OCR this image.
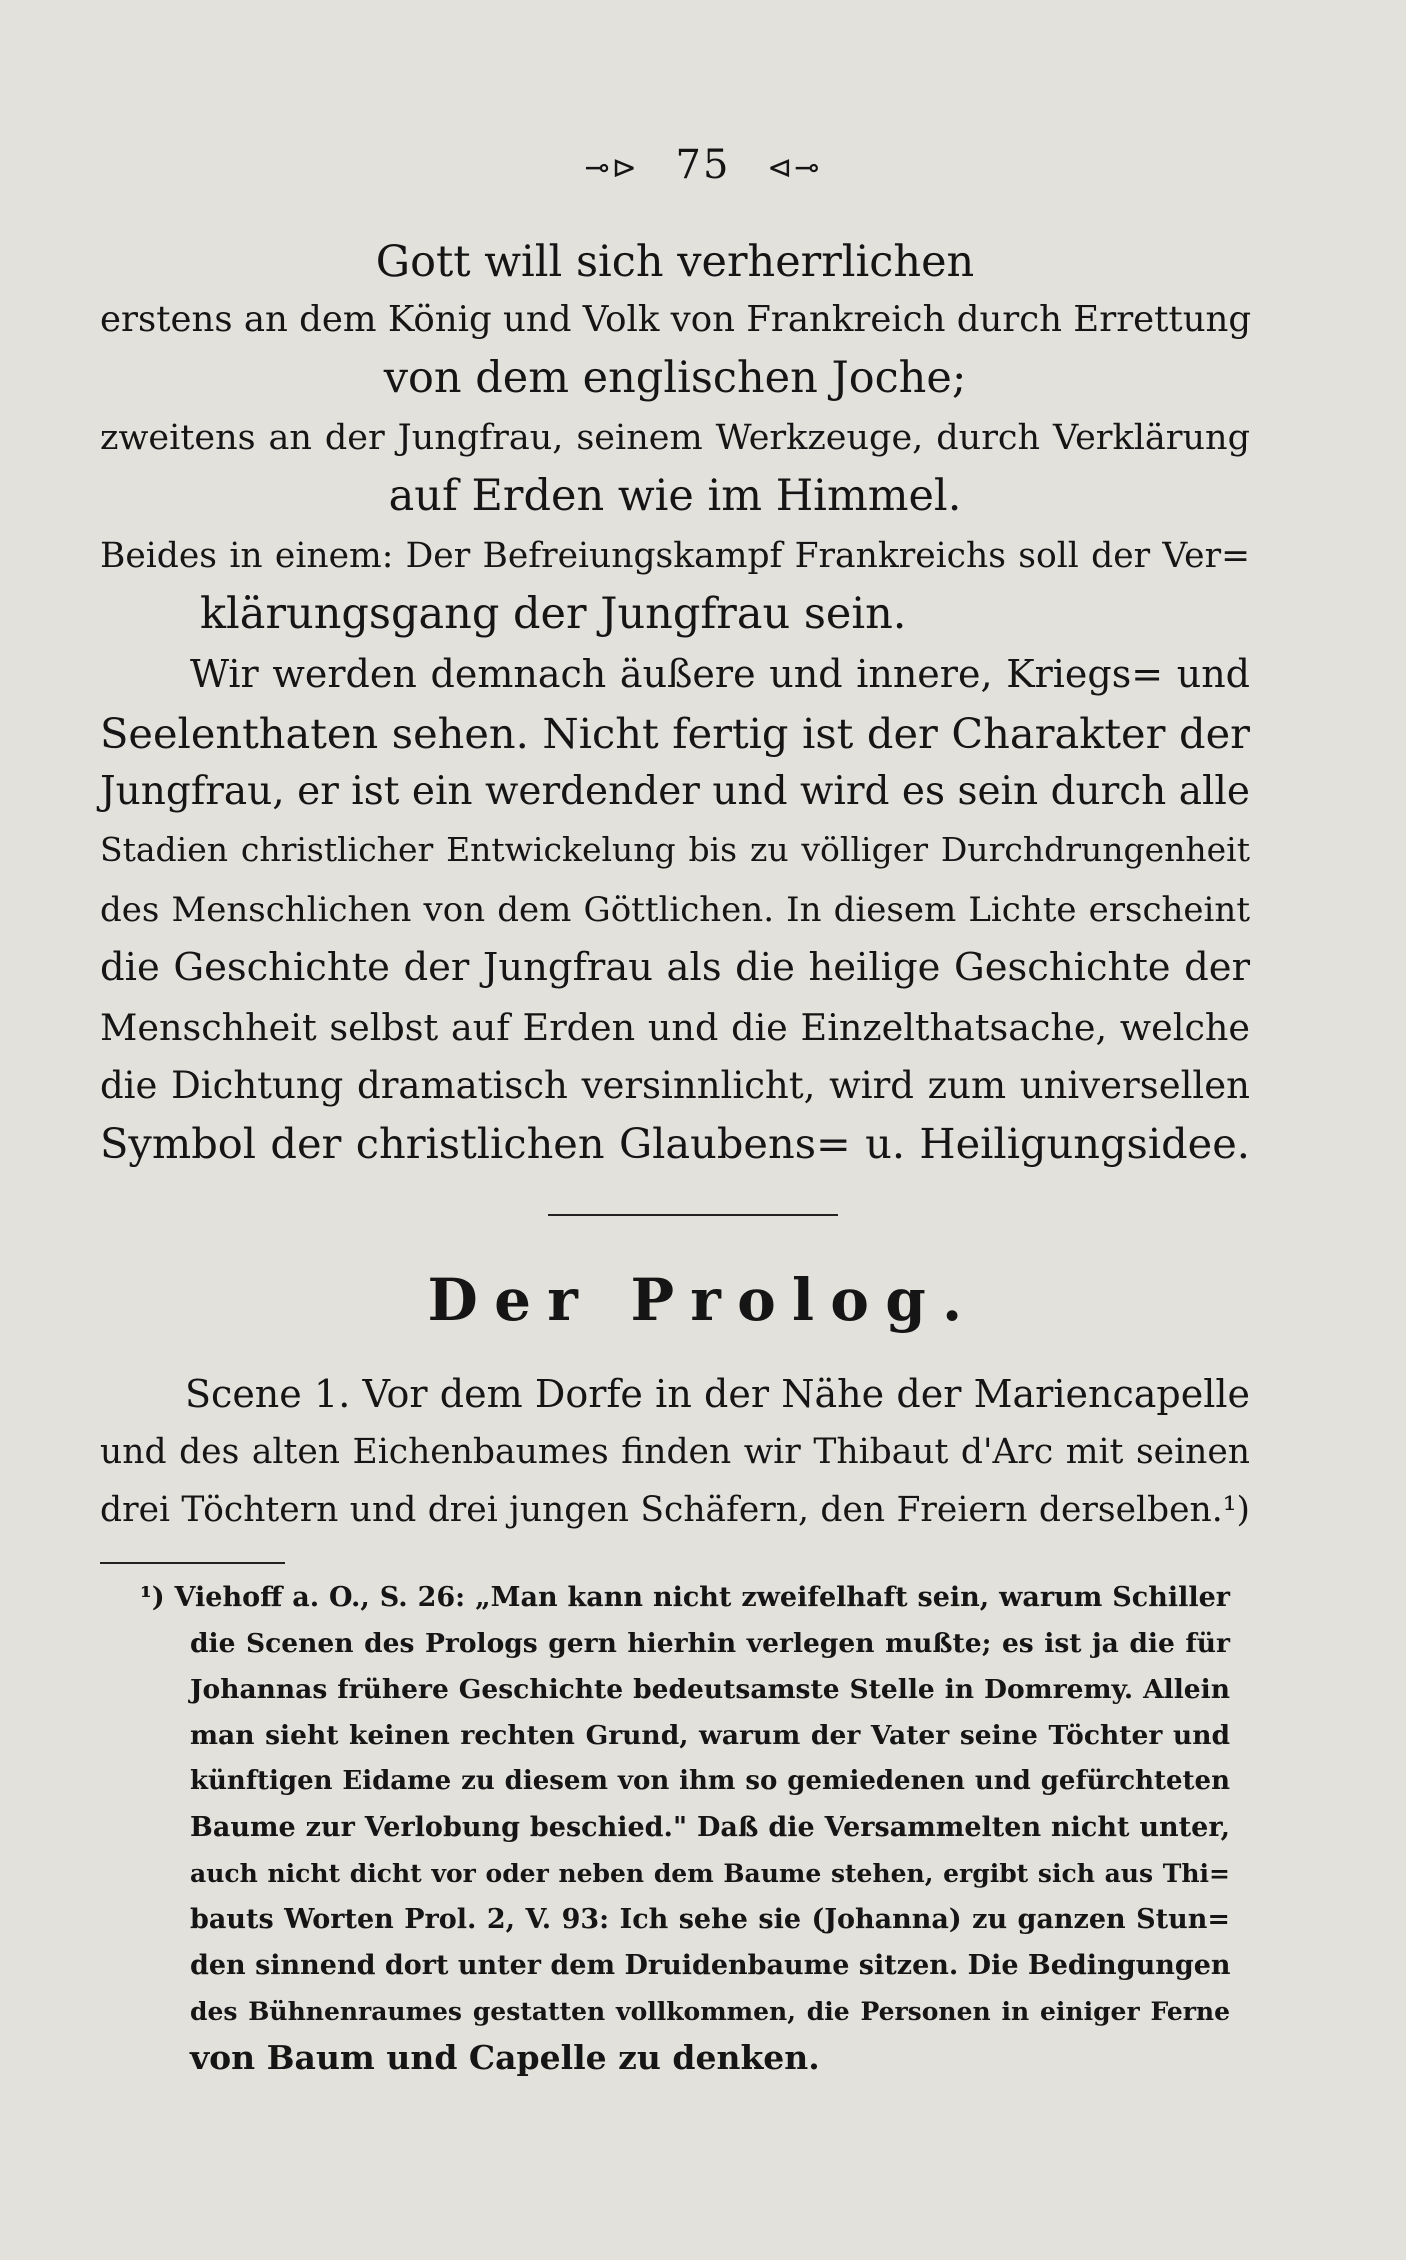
⊸⊳ 75 ⊲⊸
Gott will sich verherrlichen
erstens an dem König und Volk von Frankreich durch Errettung
von dem englischen Joche;
zweitens an der Jungfrau, seinem Werkzeuge, durch Verklärung
auf Erden wie im Himmel.
Beides in einem: Der Befreiungskampf Frankreichs soll der Ver=
klärungsgang der Jungfrau sein.
Wir werden demnach äußere und innere, Kriegs= und
Seelenthaten sehen. Nicht fertig ist der Charakter der
Jungfrau, er ist ein werdender und wird es sein durch alle
Stadien christlicher Entwickelung bis zu völliger Durchdrungenheit
des Menschlichen von dem Göttlichen. In diesem Lichte erscheint
die Geschichte der Jungfrau als die heilige Geschichte der
Menschheit selbst auf Erden und die Einzelthatsache, welche
die Dichtung dramatisch versinnlicht, wird zum universellen
Symbol der christlichen Glaubens= u. Heiligungsidee.
Der Prolog.
Scene 1. Vor dem Dorfe in der Nähe der Mariencapelle
und des alten Eichenbaumes finden wir Thibaut d'Arc mit seinen
drei Töchtern und drei jungen Schäfern, den Freiern derselben.¹)
¹) Viehoff a. O., S. 26: „Man kann nicht zweifelhaft sein, warum Schiller
die Scenen des Prologs gern hierhin verlegen mußte; es ist ja die für
Johannas frühere Geschichte bedeutsamste Stelle in Domremy. Allein
man sieht keinen rechten Grund, warum der Vater seine Töchter und
künftigen Eidame zu diesem von ihm so gemiedenen und gefürchteten
Baume zur Verlobung beschied." Daß die Versammelten nicht unter,
auch nicht dicht vor oder neben dem Baume stehen, ergibt sich aus Thi=
bauts Worten Prol. 2, V. 93: Ich sehe sie (Johanna) zu ganzen Stun=
den sinnend dort unter dem Druidenbaume sitzen. Die Bedingungen
des Bühnenraumes gestatten vollkommen, die Personen in einiger Ferne
von Baum und Capelle zu denken.
